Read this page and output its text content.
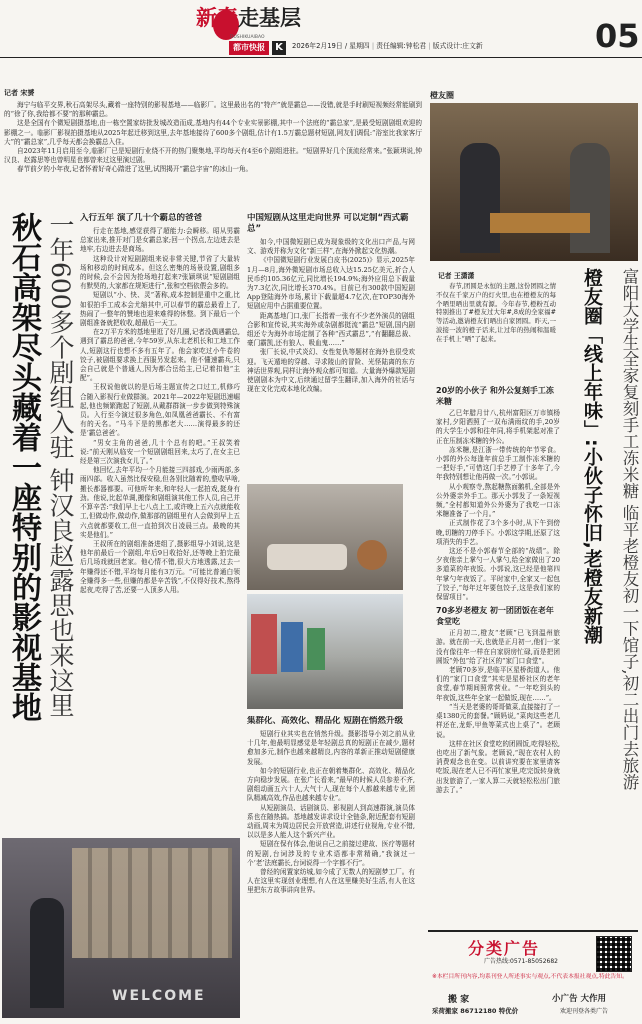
新春走基层
DUSHIKUAIBAO
都市快报	K	2026年2月19日 / 星期四 | 责任编辑:钟松君 | 版式设计:庄文新	05
记者 宋赟

海宁与临平交界,秋石高架尽头,藏着一座特别的影视基地——临影厂。这里最出名的“特产”就是霸总——没错,就是手时刷短视频经常能刷到的“徐了你,我给都不要”的那种霸总。

这是全国有个微短剧摄基地,由一栋空置家纺批发城改造而成,基地内有44个专业实景影棚,其中一个法庭的“霸总家”,是最受短剧剧组欢迎的影棚之一。临影厂影视拍摄基地从2025年起迁移到这里,去年基地接待了600多个剧组,估计有1.5万霸总题材短剧,网友们调侃:“浴室比我家客厅大”的“霸总家”,几乎每天都会换霸总入住。

自2023年11月启用至今,临影厂已是短剧行业绕不开的热门聚集地,平均每天有4至6个剧组进驻。“短剧界好几个顶流经常来。”张颖琪说,钟汉良、赵露思等也曾明星也都曾来过这里演过剧。

春节前夕的小年夜,记者怀着好奇心踏进了这里,试图揭开“霸总宇宙”的冰山一角。

秋石高架尽头藏着一座特别的影视基地 一年600多个剧组入驻 钟汉良赵露思也来这里 入行五年 演了几十个霸总的爸爸

行走在基地,感觉获得了超能力:会瞬移。昭从男霸总家出来,推开对门是女霸总家;回一个拐点,左边进去是地牢,右边进去是商场。

这种设计对短剧剧组来说非常关键,节省了大量转场和移动的时间成本。但这么密集的场景设置,剧组多的时候,会不会因为抢场地打起来?张颖琪说“短剧剧组有默契的,大家都在规矩进行”,张和空档依偎会多的。

短剧以“小、快、灵”著称,成本控制是重中之重,比如很拍手工成本会尤缩其中,可以春节的霸总最看上了,热闹了一整年的赞地也迎来难得的休整。到下最后一个剧组准备就把收收,超最后一天工。

在2万平方米的基地里逛了好几圈,记者没偶遇霸总,遇到了霸总的爸爸,今年59岁,从东北老机长和工地工作人,短剧这行也想不多有五年了。他会家吃过小牛卷的饺子,被剧组要求换上西服另发起来。他不懂速霸兵,只会自己就是个普通人,因为都合岳给主,已记着扣他“主配”。

王权说他就以的是后场主题宣传之口过工,机修巧合随入影视行业做群演。2021年—2022年短剧迅速崛起,他也频繁跑起了短剧,从戴群群演一步步做到特殊演员。入行至今演过很多角色,如凤凰爸爸霸长、不有富有的天名。“马斗下是的黑都老大……演得最多的还是‘霸总爸爸’。

“男女主角的爸爸,几十个总有的吧。”王叔笑着说:“前天刚从临安一个短剧剧组回来,太巧了,在女主已经是第三次演我女儿了。”

他回忆,去年平均一个月能接三四部戏,少雨两部,多雨四部。收入虽然比保安稳,但各别比随着的,整收早啥,搬长都器都要。可他听年来,和年轻人一起拍戏,挺身有劲。他说,比起单调,搬像和剧组演其他工作人员,自己并不算辛苦:“我们早上七八点上工,或许晚上五六点就能收工,但做动作,做动作,做那部的剧组里有人会做到早上五六点就都要收工,但一直拍到次日凌晨三点。最晚的其实是他们。”

王叔所在的剧组准备进组了,摄影组导小刘说,这是他年前最后一个剧组,年后9日收拾好,还等晚上拍完最后几场戏就回老家。他心情不错,很大方地透露,过去一年赚得还不错,平均每月能有3万元。“可能比普通白领全赚得多一些,但赚的都是辛苦钱”,不仅得好技术,熬得起夜,吃得了苦,还要一人顶多人用。

中国短剧从这里走向世界 可以定制“西式霸总”

如今,中国微短剧已成为现象级的文化出口产品,与网文、游戏并称为文化“新三样”,在海外掀起文化热潮。

《中国微短剧行业发展白皮书(2025)》显示,2025年1月—8月,海外微短剧市场总收入达15.25亿美元,折合人民币约105.36亿元,同比增长194.9%;海外应用总下载量为7.3亿次,同比增长370.4%。目前已有300款中国短剧App登陆海外市场,累计下载量超4.7亿次,在TOP30海外短剧应用中占据重要位置。

距离基地门口,张厂长指着一张有不少老外演员的剧组合影和宣传说,其实海外或杂剧都挺流“霸总”短剧,国内剧组还专为海外市场定制了各种“西式霸总”,“有翻翻总裁、豪门霸凯,还有狼人、吸血鬼……”

张厂长说,中式炎幻、女性复仇等题材在海外也很受欢迎。飞天遁地的穿越、寻求陵山的冒险、光怪陆离的东方神话世界观,同样让海外观众都可知道。大量海外爆款短剧使剧剧本为中文,后续通过留学生翻译,加入海外的社话与现在文化完成本地化改编。

集群化、高效化、精品化 短剧在悄然升级

短剧行业其实也在悄然升级。摄影指导小刘之前从业十几年,他最明显感觉是年轻剧总真的短剧正在减少,题材愈加多元,制作也越来越精良,内容的革新正推动短剧健康发展。

如今的短剧行业,也正在朝着集群化、高效化、精品化方向稳步发展。在张广长看来,“最早的时候人员参差不齐,剧组动画五六十人,大气十人,现在每个人都越来越专业,团队精减高效,作品也越来越专业”。

从短剧演员、话剧演员、影视剧人到高速群演,演员体系也在随热搞。基地越发讲求设计全链条,附近配套有短剧动画,周末为周边居民会开放营造,讲述行业视角,专业不错,以以是多人能人这个新兴产业。

短剧在保有体会,他说自己之前接过建故、医疗等题材的短剧,台词涉及的专业术语都非常精确,“我演过一个‘老’法庭霸长,台词说得一个字都不行”。

曾经的闲置家纺城,如今成了无数人的短剧梦工厂。有人在这里实现创业理想,有人在这里赚美好生活,有人在这里把东方故事讲向世界。

WELCOME
橙友圈
记者 王潇潇	橙友圈「线上年味」:小伙子怀旧,老橙友新潮	富阳大学生全家复刻手工冻米糖 临平老橙友初一下馆子,初二出门去旅游
春节,团圆是永恒的主题,这份团圆之情不仅在千家万户的灯火里,也在橙橙友的每个晒里晒出里就有源。今年春节,橙粉互动特别推出了#橙友过大年#,8成的全家福#等活动,邀请橙友们晒出自家团圆。昨天,一波接一波的橙子话来,让过年的热闹和温暖在手机上“晒”了起来。
20岁的小伙子 和外公复刻手工冻米糖

乙巳年腊月廿八,杭州富阳区万市镇杨家村,夕阳洒照了一双布满雨纹的手,20岁的大学生小郭和往年同,将手机架起对准了正在压制冻米糖的外公。

冻米糖,是江浙一带传统的年节零食。小郭的外公每逢年前总手工制作冻米糖的一把好手,“可惜这门手艺停了十多年了,今年我特别想让他再做一次。”小郭说。

从小观察寺,熬起糖熬面鹅机,全部是外公外婆亲外手工。那天小郭发了一条短视频,“全村都知道外公外婆为了我吃一口冻米糖准备了一个月。”

正式制作花了3个多小时,从下午到傍晚,切糖的刀停手下。小郭这学期,还原了这项消失的手艺。

这还不是小郭春节全部的“战绩”。除夕夜他亲上掌勺一人掌勺,给全家做出了20多道菜的年夜饭。小郭说,这已经是他第四年掌勺年夜饭了。平时家中,全家又一起包了饺子,“每年过年要包饺子,这是我们家的保留项目”。

70多岁老橙友 初一团团饭在老年食堂吃

正月初二,橙友“老顾”已飞到温州旅游。就在前一天,也就是正月初一,他们一家没有像往年一样在自家厨房忙碌,而是把团圆饭“外包”给了社区的“家门口食堂”。

老顾70多岁,是临平区星桥街道人。他们的“家门口食堂”其实是星桥社区的老年食堂,春节期间照常营业。“一年吃到头的年夜饭,这些年全家一起做饭,现在……”。

“当天是老婆的哥哥做菜,直接接打了一桌1380元的套餐。”顾妈说,“菜肉这些老几样还在,龙虾,甲鱼等菜式也上桌了”。老顾说。

这样在社区食堂吃的团圆饭,吃得轻松,也吃出了新气象。老顾说,“现在农村人的消费观念也在变。以前讲究要在家里请客吃饭,现在老人已不再忙家里,吃完饭转身就出发旅游了,一家人算二天就轻松松出门旅游去了。”

分类广告
广告热线:0571-85052682
※本栏目所刊内容,均系刊登人所述事实与观点,不代表本报社观点,特此告知。
搬 家
采荷搬家 86712180 特优价
小广告 大作用
欢迎刊登各类广告
